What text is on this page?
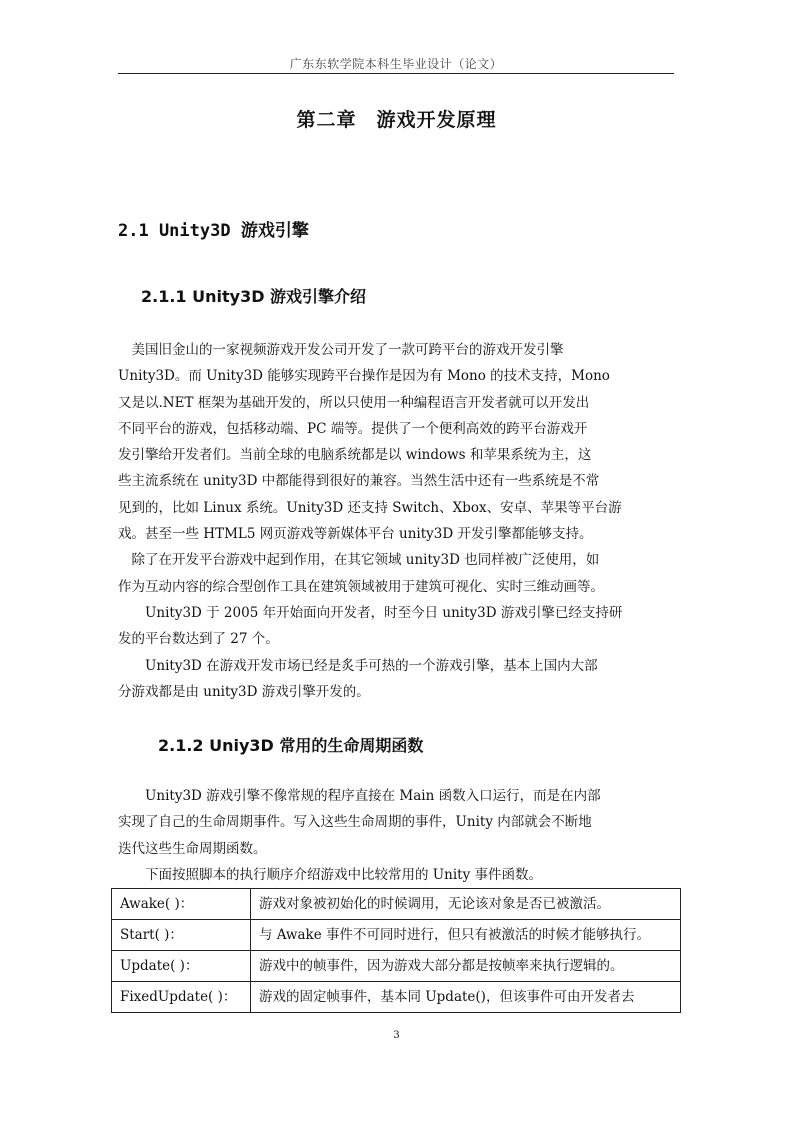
广东东软学院本科生毕业设计（论文）
第二章　游戏开发原理
2.1 Unity3D 游戏引擎
2.1.1 Unity3D 游戏引擎介绍
　美国旧金山的一家视频游戏开发公司开发了一款可跨平台的游戏开发引擎
Unity3D。而 Unity3D 能够实现跨平台操作是因为有 Mono 的技术支持，Mono
又是以.NET 框架为基础开发的，所以只使用一种编程语言开发者就可以开发出
不同平台的游戏，包括移动端、PC 端等。提供了一个便利高效的跨平台游戏开
发引擎给开发者们。当前全球的电脑系统都是以 windows 和苹果系统为主，这
些主流系统在 unity3D 中都能得到很好的兼容。当然生活中还有一些系统是不常
见到的，比如 Linux 系统。Unity3D 还支持 Switch、Xbox、安卓、苹果等平台游
戏。甚至一些 HTML5 网页游戏等新媒体平台 unity3D 开发引擎都能够支持。
　除了在开发平台游戏中起到作用，在其它领域 unity3D 也同样被广泛使用，如
作为互动内容的综合型创作工具在建筑领域被用于建筑可视化、实时三维动画等。
　　Unity3D 于 2005 年开始面向开发者，时至今日 unity3D 游戏引擎已经支持研
发的平台数达到了 27 个。
　　Unity3D 在游戏开发市场已经是炙手可热的一个游戏引擎，基本上国内大部
分游戏都是由 unity3D 游戏引擎开发的。
2.1.2 Uniy3D 常用的生命周期函数
　　Unity3D 游戏引擎不像常规的程序直接在 Main 函数入口运行，而是在内部
实现了自己的生命周期事件。写入这些生命周期的事件，Unity 内部就会不断地
迭代这些生命周期函数。
　　下面按照脚本的执行顺序介绍游戏中比较常用的 Unity 事件函数。
Awake( )：	游戏对象被初始化的时候调用，无论该对象是否已被激活。
Start( )：	与 Awake 事件不可同时进行，但只有被激活的时候才能够执行。
Update( )：	游戏中的帧事件，因为游戏大部分都是按帧率来执行逻辑的。
FixedUpdate( )：	游戏的固定帧事件，基本同 Update()，但该事件可由开发者去
3
